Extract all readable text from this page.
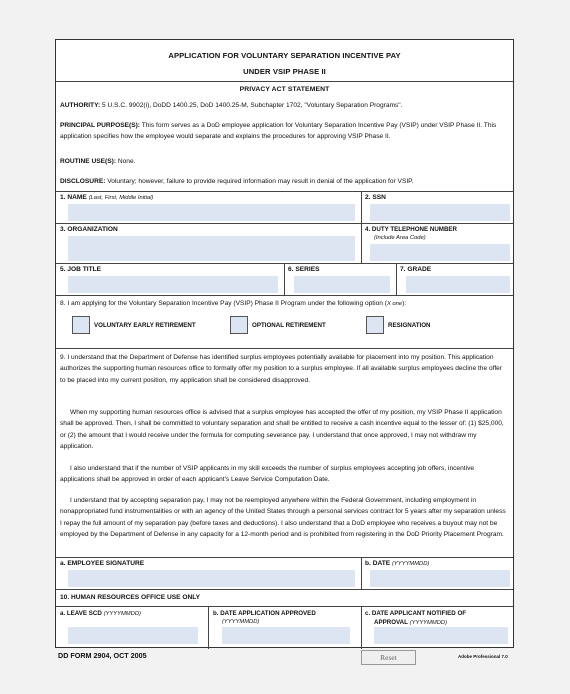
APPLICATION FOR VOLUNTARY SEPARATION INCENTIVE PAY
UNDER VSIP PHASE II
PRIVACY ACT STATEMENT
AUTHORITY: 5 U.S.C. 9902(i), DoDD 1400.25, DoD 1400.25-M, Subchapter 1702, "Voluntary Separation Programs".
PRINCIPAL PURPOSE(S): This form serves as a DoD employee application for Voluntary Separation Incentive Pay (VSIP) under VSIP Phase II. This application specifies how the employee would separate and explains the procedures for approving VSIP Phase II.
ROUTINE USE(S): None.
DISCLOSURE: Voluntary; however, failure to provide required information may result in denial of the application for VSIP.
1. NAME (Last, First, Middle Initial)	2. SSN
3. ORGANIZATION	4. DUTY TELEPHONE NUMBER
(Include Area Code)
5. JOB TITLE	6. SERIES	7. GRADE
8. I am applying for the Voluntary Separation Incentive Pay (VSIP) Phase II Program under the following option (X one):
VOLUNTARY EARLY RETIREMENT	OPTIONAL RETIREMENT	RESIGNATION
9. I understand that the Department of Defense has identified surplus employees potentially available for placement into my position. This application authorizes the supporting human resources office to formally offer my position to a surplus employee. If all available surplus employees decline the offer to be placed into my current position, my application shall be considered disapproved.
When my supporting human resources office is advised that a surplus employee has accepted the offer of my position, my VSIP Phase II application shall be approved. Then, I shall be committed to voluntary separation and shall be entitled to receive a cash incentive equal to the lesser of: (1) $25,000, or (2) the amount that I would receive under the formula for computing severance pay. I understand that once approved, I may not withdraw my application.
I also understand that if the number of VSIP applicants in my skill exceeds the number of surplus employees accepting job offers, incentive applications shall be approved in order of each applicant's Leave Service Computation Date.
I understand that by accepting separation pay, I may not be reemployed anywhere within the Federal Government, including employment in nonappropriated fund instrumentalities or with an agency of the United States through a personal services contract for 5 years after my separation unless I repay the full amount of my separation pay (before taxes and deductions). I also understand that a DoD employee who receives a buyout may not be employed by the Department of Defense in any capacity for a 12-month period and is prohibited from registering in the DoD Priority Placement Program.
a. EMPLOYEE SIGNATURE	b. DATE (YYYYMMDD)
10. HUMAN RESOURCES OFFICE USE ONLY
a. LEAVE SCD (YYYYMMDD)	b. DATE APPLICATION APPROVED
(YYYYMMDD)
c. DATE APPLICANT NOTIFIED OF
APPROVAL (YYYYMMDD)
DD FORM 2904, OCT 2005	Reset	Adobe Professional 7.0
